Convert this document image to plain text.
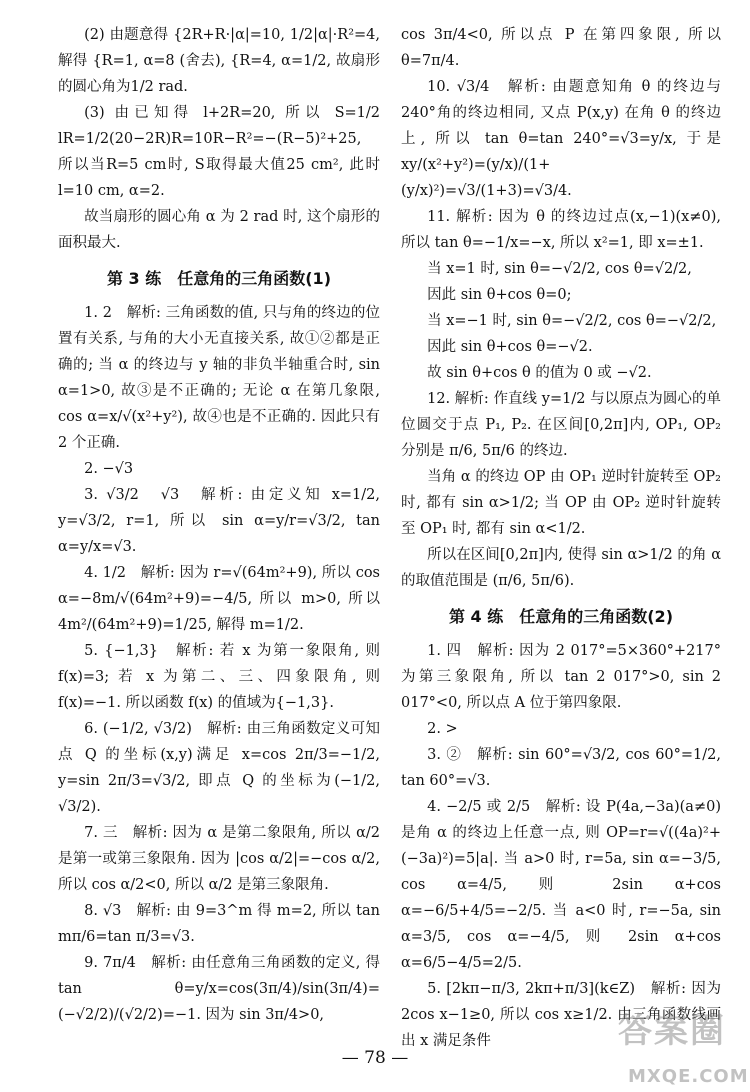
(2) 由题意得 {2R+R·|α|=10, 1/2|α|·R²=4, 解得 {R=1, α=8 (舍去), {R=4, α=1/2, 故扇形的圆心角为1/2 rad.

(3) 由已知得 l+2R=20, 所以 S=1/2 lR=1/2(20−2R)R=10R−R²=−(R−5)²+25, 所以当R=5 cm时, S取得最大值25 cm², 此时 l=10 cm, α=2.

故当扇形的圆心角 α 为 2 rad 时, 这个扇形的面积最大.

第 3 练　任意角的三角函数(1)

1. 2　解析: 三角函数的值, 只与角的终边的位置有关系, 与角的大小无直接关系, 故①②都是正确的; 当 α 的终边与 y 轴的非负半轴重合时, sin α=1>0, 故③是不正确的; 无论 α 在第几象限, cos α=x/√(x²+y²), 故④也是不正确的. 因此只有 2 个正确.

2. −√3

3. √3/2　√3　解析: 由定义知 x=1/2, y=√3/2, r=1, 所以 sin α=y/r=√3/2, tan α=y/x=√3.

4. 1/2　解析: 因为 r=√(64m²+9), 所以 cos α=−8m/√(64m²+9)=−4/5, 所以 m>0, 所以 4m²/(64m²+9)=1/25, 解得 m=1/2.

5. {−1,3}　解析: 若 x 为第一象限角, 则 f(x)=3; 若 x 为第二、三、四象限角, 则 f(x)=−1. 所以函数 f(x) 的值域为{−1,3}.

6. (−1/2, √3/2)　解析: 由三角函数定义可知点 Q 的坐标(x,y)满足 x=cos 2π/3=−1/2, y=sin 2π/3=√3/2, 即点 Q 的坐标为(−1/2, √3/2).

7. 三　解析: 因为 α 是第二象限角, 所以 α/2 是第一或第三象限角. 因为 |cos α/2|=−cos α/2, 所以 cos α/2<0, 所以 α/2 是第三象限角.

8. √3　解析: 由 9=3^m 得 m=2, 所以 tan mπ/6=tan π/3=√3.

9. 7π/4　解析: 由任意角三角函数的定义, 得 tan θ=y/x=cos(3π/4)/sin(3π/4)=(−√2/2)/(√2/2)=−1. 因为 sin 3π/4>0,

cos 3π/4<0, 所以点 P 在第四象限, 所以 θ=7π/4.

10. √3/4　解析: 由题意知角 θ 的终边与 240°角的终边相同, 又点 P(x,y) 在角 θ 的终边上, 所以 tan θ=tan 240°=√3=y/x, 于是 xy/(x²+y²)=(y/x)/(1+(y/x)²)=√3/(1+3)=√3/4.

11. 解析: 因为 θ 的终边过点(x,−1)(x≠0), 所以 tan θ=−1/x=−x, 所以 x²=1, 即 x=±1.

当 x=1 时, sin θ=−√2/2, cos θ=√2/2,

因此 sin θ+cos θ=0;

当 x=−1 时, sin θ=−√2/2, cos θ=−√2/2,

因此 sin θ+cos θ=−√2.

故 sin θ+cos θ 的值为 0 或 −√2.

12. 解析: 作直线 y=1/2 与以原点为圆心的单位圆交于点 P₁, P₂. 在区间[0,2π]内, OP₁, OP₂ 分别是 π/6, 5π/6 的终边.

当角 α 的终边 OP 由 OP₁ 逆时针旋转至 OP₂ 时, 都有 sin α>1/2; 当 OP 由 OP₂ 逆时针旋转至 OP₁ 时, 都有 sin α<1/2.

所以在区间[0,2π]内, 使得 sin α>1/2 的角 α 的取值范围是 (π/6, 5π/6).

第 4 练　任意角的三角函数(2)

1. 四　解析: 因为 2 017°=5×360°+217° 为第三象限角, 所以 tan 2 017°>0, sin 2 017°<0, 所以点 A 位于第四象限.

2. >

3. ②　解析: sin 60°=√3/2, cos 60°=1/2, tan 60°=√3.

4. −2/5 或 2/5　解析: 设 P(4a,−3a)(a≠0) 是角 α 的终边上任意一点, 则 OP=r=√((4a)²+(−3a)²)=5|a|. 当 a>0 时, r=5a, sin α=−3/5, cos α=4/5, 则 2sin α+cos α=−6/5+4/5=−2/5. 当 a<0 时, r=−5a, sin α=3/5, cos α=−4/5, 则 2sin α+cos α=6/5−4/5=2/5.

5. [2kπ−π/3, 2kπ+π/3](k∈Z)　解析: 因为 2cos x−1≥0, 所以 cos x≥1/2. 由三角函数线画出 x 满足条件

— 78 —
答案圈
MXQE.COM
